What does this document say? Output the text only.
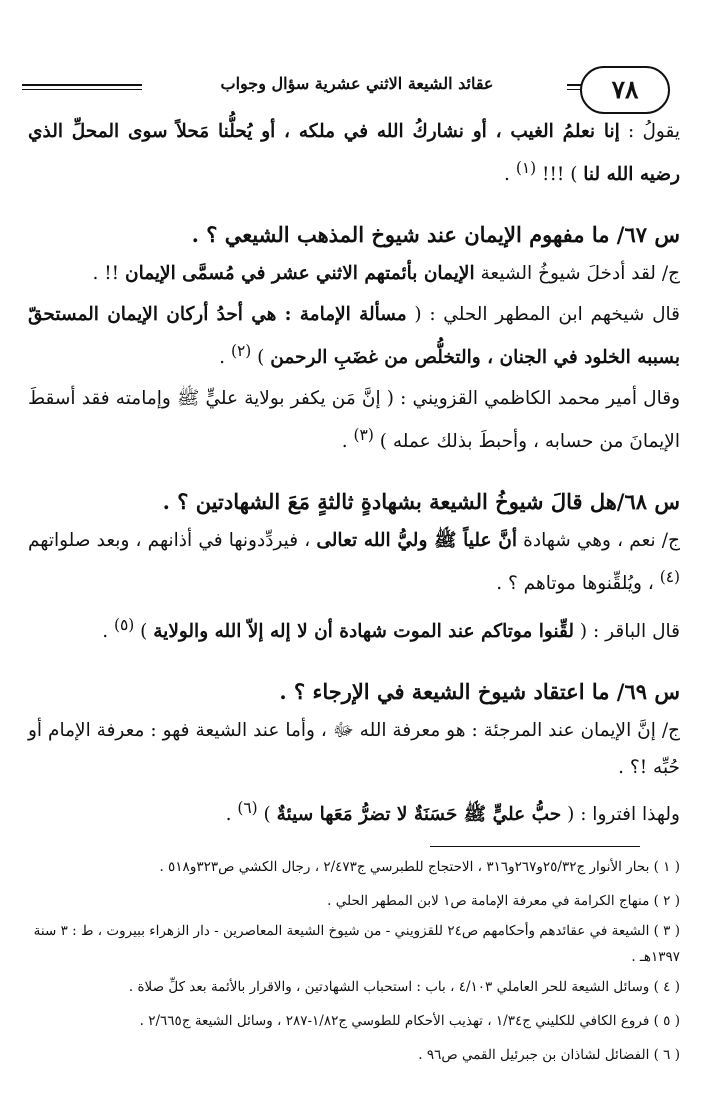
عقائد الشيعة الاثني عشرية سؤال وجواب	٧٨

يقولُ : إنا نعلمُ الغيب ، أو نشاركُ الله في ملكه ، أو يُحلُّنا مَحلاً سوى المحلِّ الذي رضيه الله لنا ) !!! $^{(١)}$ .

س ٦٧/ ما مفهوم الإيمان عند شيوخ المذهب الشيعي ؟ .

ج/ لقد أدخلَ شيوخُ الشيعة الإيمان بأئمتهم الاثني عشر في مُسمَّى الإيمان !! .

قال شيخهم ابن المطهر الحلي : ( مسألة الإمامة : هي أحدُ أركان الإيمان المستحقّ بسببه الخلود في الجنان ، والتخلُّص من غضَبِ الرحمن ) $^{(٢)}$ .

وقال أمير محمد الكاظمي القزويني : ( إنَّ مَن يكفر بولاية عليٍّ ﷺ وإمامته فقد أسقطَ الإيمانَ من حسابه ، وأحبطَ بذلك عمله ) $^{(٣)}$ .

س ٦٨/هل قالَ شيوخُ الشيعة بشهادةٍ ثالثةٍ مَعَ الشهادتين ؟ .

ج/ نعم ، وهي شهادة أنَّ علياً ﷺ وليُّ الله تعالى ، فيردِّدونها في أذانهم ، وبعد صلواتهم $^{(٤)}$ ، ويُلقِّنوها موتاهم ؟ .

قال الباقر : ( لقِّنوا موتاكم عند الموت شهادة أن لا إله إلاّ الله والولاية ) $^{(٥)}$ .

س ٦٩/ ما اعتقاد شيوخ الشيعة في الإرجاء ؟ .

ج/ إنَّ الإيمان عند المرجئة : هو معرفة الله ﷻ ، وأما عند الشيعة فهو : معرفة الإمام أو حُبِّه !؟ .

ولهذا افتروا : ( حبُّ عليٍّ ﷺ حَسَنَةٌ لا تضرُّ مَعَها سيئةٌ ) $^{(٦)}$ .

( ١ ) بحار الأنوار ج٢٥/٣٢و٢٦٧و٣١٦ ، الاحتجاج للطبرسي ج٢/٤٧٣ ، رجال الكشي ص٣٢٣و٥١٨ .

( ٢ ) منهاج الكرامة في معرفة الإمامة ص١ لابن المطهر الحلي .

( ٣ ) الشيعة في عقائدهم وأحكامهم ص٢٤ للقزويني - من شيوخ الشيعة المعاصرين - دار الزهراء ببيروت ، ط : ٣ سنة ١٣٩٧هـ .

( ٤ ) وسائل الشيعة للحر العاملي ٤/١٠٣ ، باب : استحباب الشهادتين ، والاقرار بالأئمة بعد كلِّ صلاة .

( ٥ ) فروع الكافي للكليني ج١/٣٤ ، تهذيب الأحكام للطوسي ج١/٨٢-٢٨٧ ، وسائل الشيعة ج٢/٦٦٥ .

( ٦ ) الفضائل لشاذان بن جبرئيل القمي ص٩٦ .
